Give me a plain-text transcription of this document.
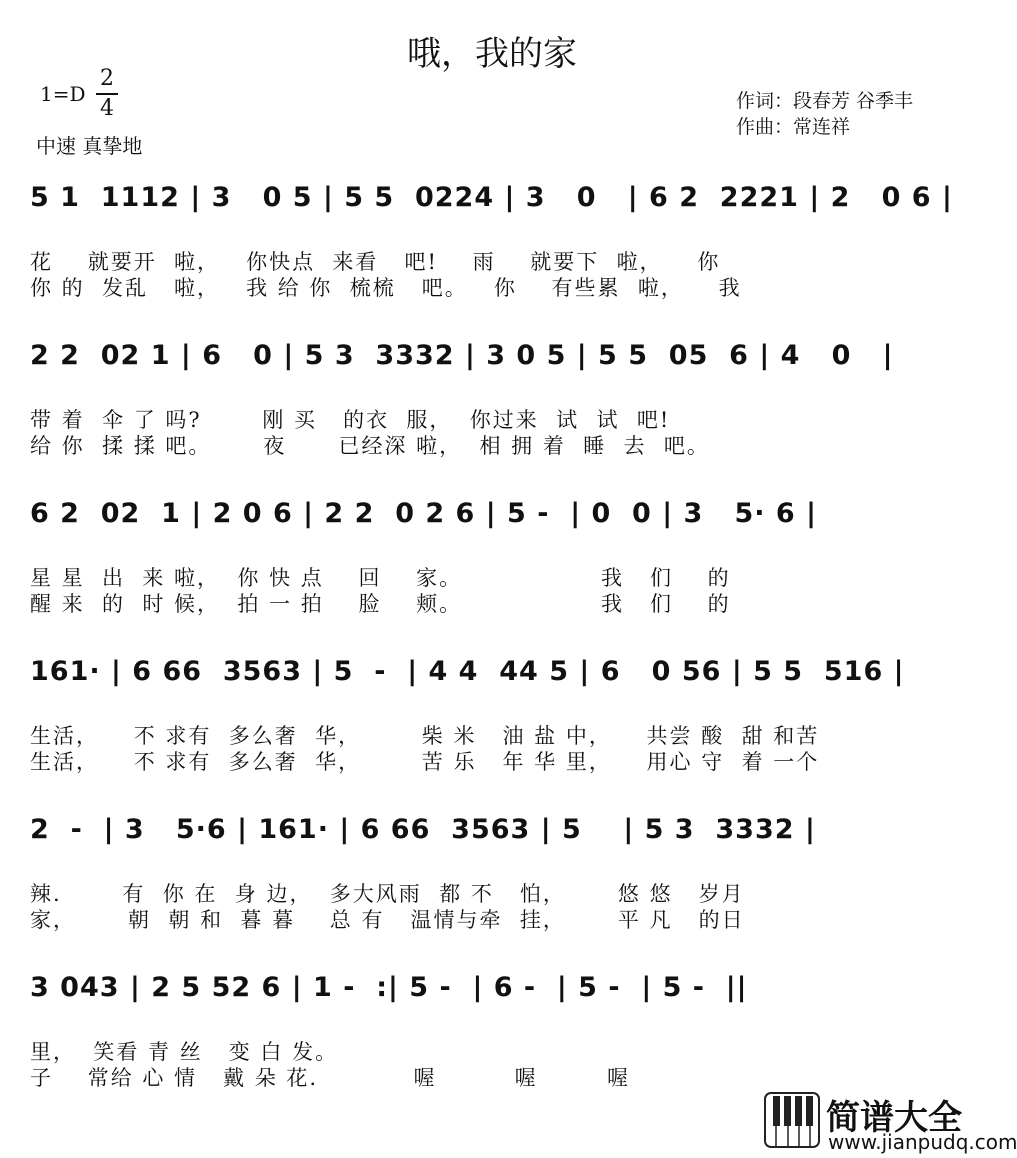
哦，我的家
1=D
2
4
中速 真挚地
作词：段春芳 谷季丰
作曲：常连祥
5 1  1112 | 3   0 5 | 5 5  0224 | 3   0   | 6 2  2221 | 2   0 6 |
花    就要开  啦，   你快点  来看   吧!    雨    就要下  啦，    你
你 的  发乱   啦，   我 给 你  梳梳   吧。   你    有些累  啦，    我
2 2  02 1 | 6   0 | 5 3  3332 | 3 0 5 | 5 5  05  6 | 4   0   |
带 着  伞 了 吗?       刚 买   的衣  服，  你过来  试  试  吧!
给 你  揉 揉 吧。      夜      已经深 啦，  相 拥 着  睡  去  吧。
6 2  02  1 | 2 0 6 | 2 2  0 2 6 | 5 -  | 0  0 | 3   5· 6 |
星 星  出  来 啦，  你 快 点    回    家。                我   们    的
醒 来  的  时 候，  拍 一 拍    脸    颊。                我   们    的
161· | 6 66  3563 | 5  -  | 4 4  44 5 | 6   0 56 | 5 5  516 |
生活，    不 求有  多么奢  华，       柴 米   油 盐 中，    共尝 酸  甜 和苦
生活，    不 求有  多么奢  华，       苦 乐   年 华 里，    用心 守  着 一个
2  -  | 3   5·6 | 161· | 6 66  3563 | 5    | 5 3  3332 |
辣.       有  你 在  身 边，  多大风雨  都 不   怕，      悠 悠   岁月
家，      朝  朝 和  暮 暮    总 有   温情与牵  挂，      平 凡   的日
3 043 | 2 5 52 6 | 1 -  :| 5 -  | 6 -  | 5 -  | 5 -  ||
里，  笑看 青 丝   变 白 发。
子    常给 心 情   戴 朵 花.           喔         喔        喔
简谱大全
www.jianpudq.com
